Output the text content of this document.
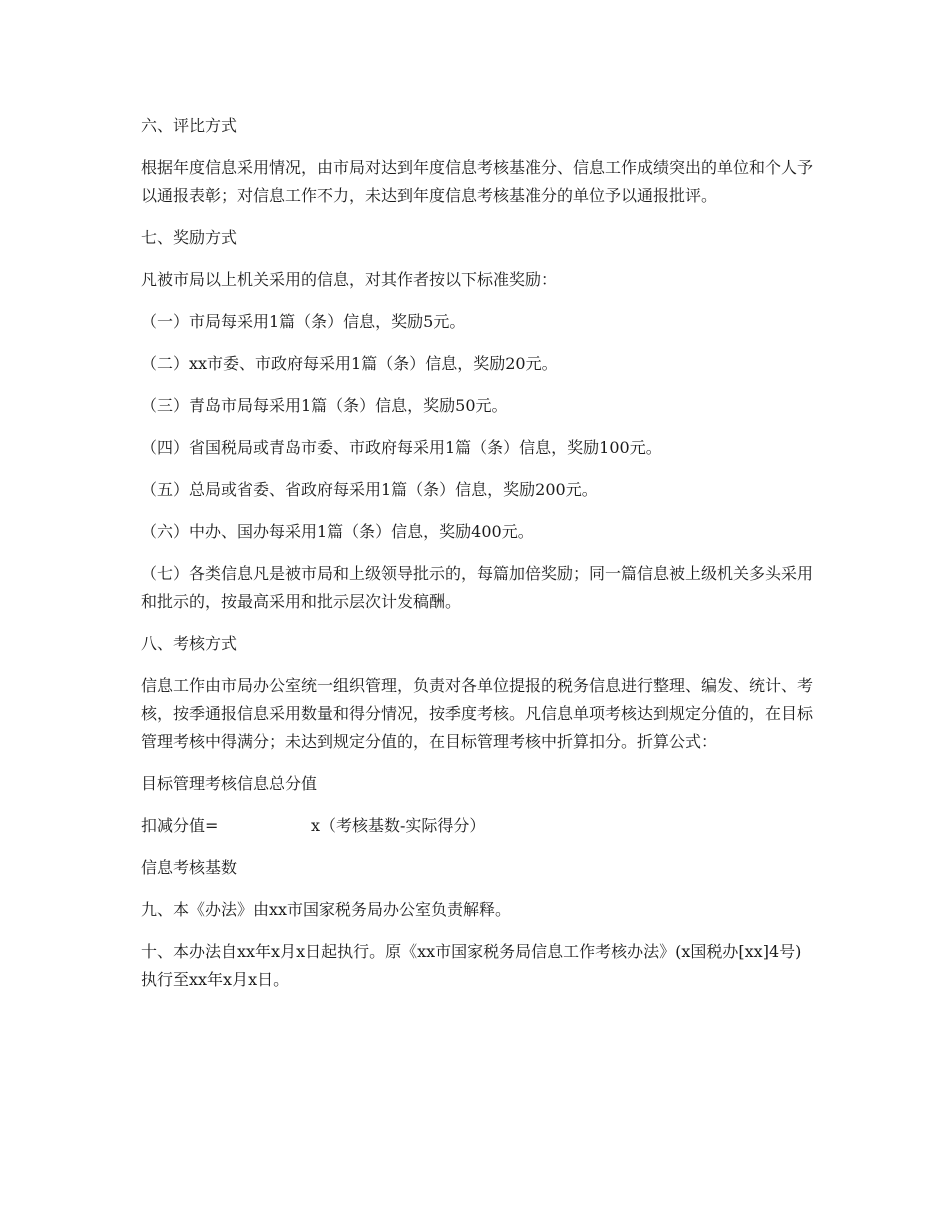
六、评比方式

根据年度信息采用情况，由市局对达到年度信息考核基准分、信息工作成绩突出的单位和个人予以通报表彰；对信息工作不力，未达到年度信息考核基准分的单位予以通报批评。

七、奖励方式

凡被市局以上机关采用的信息，对其作者按以下标准奖励：

（一）市局每采用1篇（条）信息，奖励5元。

（二）xx市委、市政府每采用1篇（条）信息，奖励20元。

（三）青岛市局每采用1篇（条）信息，奖励50元。

（四）省国税局或青岛市委、市政府每采用1篇（条）信息，奖励100元。

（五）总局或省委、省政府每采用1篇（条）信息，奖励200元。

（六）中办、国办每采用1篇（条）信息，奖励400元。

（七）各类信息凡是被市局和上级领导批示的，每篇加倍奖励；同一篇信息被上级机关多头采用和批示的，按最高采用和批示层次计发稿酬。

八、考核方式

信息工作由市局办公室统一组织管理，负责对各单位提报的税务信息进行整理、编发、统计、考核，按季通报信息采用数量和得分情况，按季度考核。凡信息单项考核达到规定分值的，在目标管理考核中得满分；未达到规定分值的，在目标管理考核中折算扣分。折算公式：

目标管理考核信息总分值

扣减分值=	x（考核基数-实际得分）

信息考核基数

九、本《办法》由xx市国家税务局办公室负责解释。

十、本办法自xx年x月x日起执行。原《xx市国家税务局信息工作考核办法》(x国税办[xx]4号)执行至xx年x月x日。
